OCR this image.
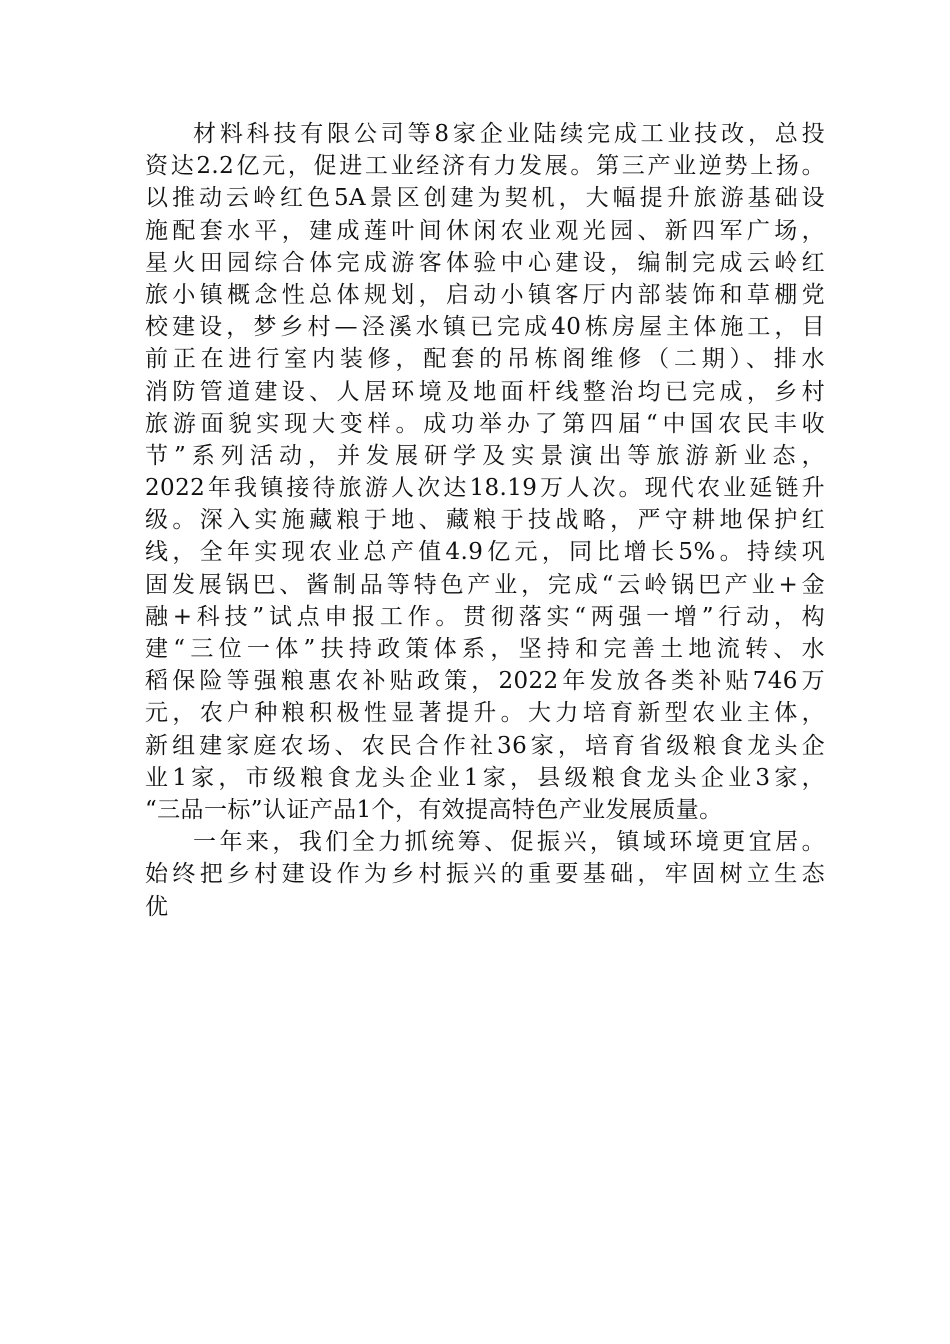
材料科技有限公司等8家企业陆续完成工业技改，总投
资达2.2亿元，促进工业经济有力发展。第三产业逆势上扬。
以推动云岭红色5A景区创建为契机，大幅提升旅游基础设
施配套水平，建成莲叶间休闲农业观光园、新四军广场，
星火田园综合体完成游客体验中心建设，编制完成云岭红
旅小镇概念性总体规划，启动小镇客厅内部装饰和草棚党
校建设，梦乡村—泾溪水镇已完成40栋房屋主体施工，目
前正在进行室内装修，配套的吊栋阁维修（二期）、排水
消防管道建设、人居环境及地面杆线整治均已完成，乡村
旅游面貌实现大变样。成功举办了第四届“中国农民丰收
节”系列活动，并发展研学及实景演出等旅游新业态，
2022年我镇接待旅游人次达18.19万人次。现代农业延链升
级。深入实施藏粮于地、藏粮于技战略，严守耕地保护红
线，全年实现农业总产值4.9亿元，同比增长5%。持续巩
固发展锅巴、酱制品等特色产业，完成“云岭锅巴产业+金
融+科技”试点申报工作。贯彻落实“两强一增”行动，构
建“三位一体”扶持政策体系，坚持和完善土地流转、水
稻保险等强粮惠农补贴政策，2022年发放各类补贴746万
元，农户种粮积极性显著提升。大力培育新型农业主体，
新组建家庭农场、农民合作社36家，培育省级粮食龙头企
业1家，市级粮食龙头企业1家，县级粮食龙头企业3家，
“三品一标”认证产品1个，有效提高特色产业发展质量。

一年来，我们全力抓统筹、促振兴，镇域环境更宜居。
始终把乡村建设作为乡村振兴的重要基础，牢固树立生态
优
